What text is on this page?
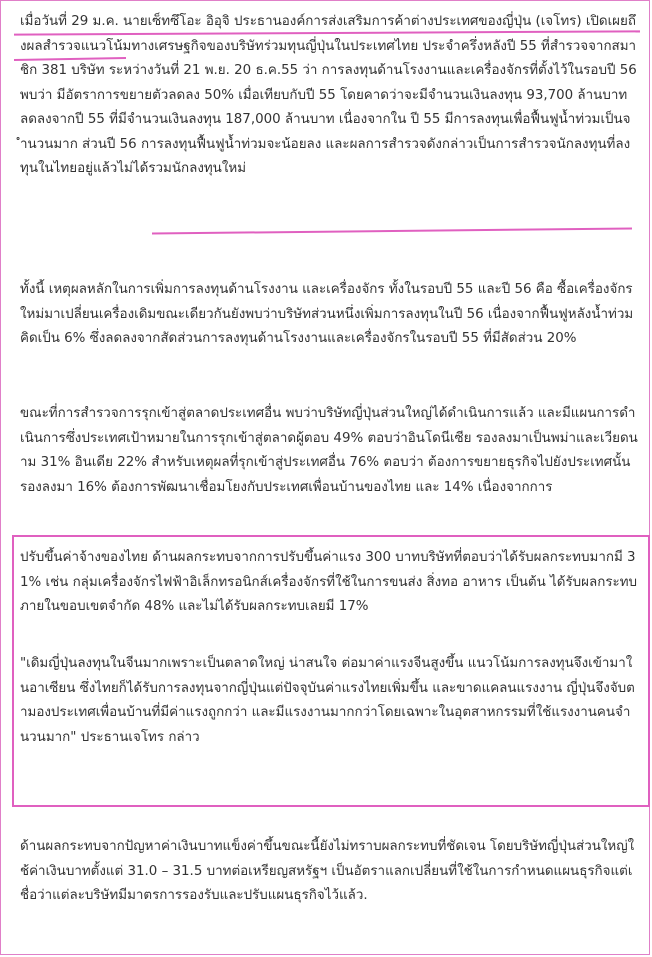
เมื่อวันที่ 29 ม.ค. นายเซ็ทซึโอะ อิอุจิ ประธานองค์การส่งเสริมการค้าต่างประเทศของญี่ปุ่น (เจโทร) เปิดเผยถึงผลสำรวจแนวโน้มทางเศรษฐกิจของบริษัทร่วมทุนญี่ปุ่นในประเทศไทย ประจำครึ่งหลังปี 55 ที่สำรวจจากสมาชิก 381 บริษัท ระหว่างวันที่ 21 พ.ย. 20 ธ.ค.55 ว่า การลงทุนด้านโรงงานและเครื่องจักรที่ตั้งไว้ในรอบปี 56 พบว่า มีอัตราการขยายตัวลดลง 50% เมื่อเทียบกับปี 55 โดยคาดว่าจะมีจำนวนเงินลงทุน 93,700 ล้านบาท ลดลงจากปี 55 ที่มีจำนวนเงินลงทุน 187,000 ล้านบาท เนื่องจากใน ปี 55 มีการลงทุนเพื่อฟื้นฟูน้ำท่วมเป็นจำนวนมาก ส่วนปี 56 การลงทุนฟื้นฟูน้ำท่วมจะน้อยลง และผลการสำรวจดังกล่าวเป็นการสำรวจนักลงทุนที่ลงทุนในไทยอยู่แล้วไม่ได้รวมนักลงทุนใหม่

ทั้งนี้ เหตุผลหลักในการเพิ่มการลงทุนด้านโรงงาน และเครื่องจักร ทั้งในรอบปี 55 และปี 56 คือ ซื้อเครื่องจักรใหม่มาเปลี่ยนเครื่องเดิมขณะเดียวกันยังพบว่าบริษัทส่วนหนึ่งเพิ่มการลงทุนในปี 56 เนื่องจากฟื้นฟูหลังน้ำท่วม คิดเป็น 6% ซึ่งลดลงจากสัดส่วนการลงทุนด้านโรงงานและเครื่องจักรในรอบปี 55 ที่มีสัดส่วน 20%

ขณะที่การสำรวจการรุกเข้าสู่ตลาดประเทศอื่น พบว่าบริษัทญี่ปุ่นส่วนใหญ่ได้ดำเนินการแล้ว และมีแผนการดำเนินการซึ่งประเทศเป้าหมายในการรุกเข้าสู่ตลาดผู้ตอบ 49% ตอบว่าอินโดนีเซีย รองลงมาเป็นพม่าและเวียดนาม 31% อินเดีย 22% สำหรับเหตุผลที่รุกเข้าสู่ประเทศอื่น 76% ตอบว่า ต้องการขยายธุรกิจไปยังประเทศนั้น รองลงมา 16% ต้องการพัฒนาเชื่อมโยงกับประเทศเพื่อนบ้านของไทย และ 14% เนื่องจากการ

ปรับขึ้นค่าจ้างของไทย ด้านผลกระทบจากการปรับขึ้นค่าแรง 300 บาทบริษัทที่ตอบว่าได้รับผลกระทบมากมี 31% เช่น กลุ่มเครื่องจักรไฟฟ้าอิเล็กทรอนิกส์เครื่องจักรที่ใช้ในการขนส่ง สิ่งทอ อาหาร เป็นต้น ได้รับผลกระทบภายในขอบเขตจำกัด 48% และไม่ได้รับผลกระทบเลยมี 17%

"เดิมญี่ปุ่นลงทุนในจีนมากเพราะเป็นตลาดใหญ่ น่าสนใจ ต่อมาค่าแรงจีนสูงขึ้น แนวโน้มการลงทุนจึงเข้ามาในอาเซียน ซึ่งไทยก็ได้รับการลงทุนจากญี่ปุ่นแต่ปัจจุบันค่าแรงไทยเพิ่มขึ้น และขาดแคลนแรงงาน ญี่ปุ่นจึงจับตามองประเทศเพื่อนบ้านที่มีค่าแรงถูกกว่า และมีแรงงานมากกว่าโดยเฉพาะในอุตสาหกรรมที่ใช้แรงงานคนจำนวนมาก" ประธานเจโทร กล่าว

ด้านผลกระทบจากปัญหาค่าเงินบาทแข็งค่าขึ้นขณะนี้ยังไม่ทราบผลกระทบที่ชัดเจน โดยบริษัทญี่ปุ่นส่วนใหญ่ใช้ค่าเงินบาทตั้งแต่ 31.0 – 31.5 บาทต่อเหรียญสหรัฐฯ เป็นอัตราแลกเปลี่ยนที่ใช้ในการกำหนดแผนธุรกิจแต่เชื่อว่าแต่ละบริษัทมีมาตรการรองรับและปรับแผนธุรกิจไว้แล้ว.
